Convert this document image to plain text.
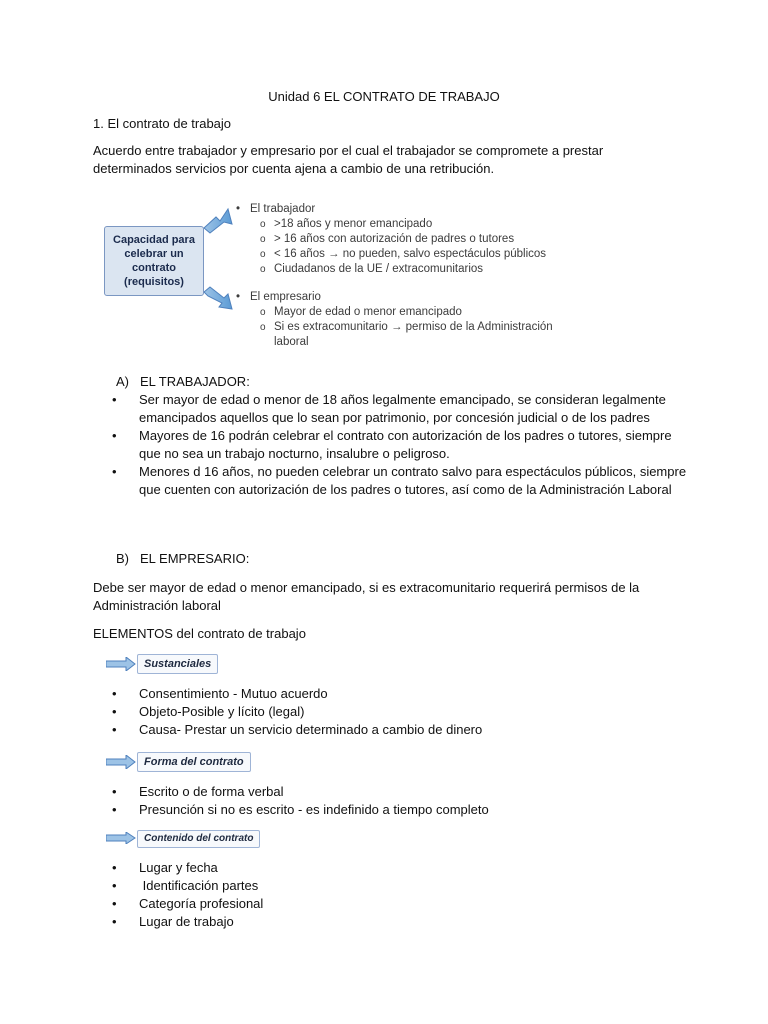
Unidad 6 EL CONTRATO DE TRABAJO
1. El contrato de trabajo
Acuerdo entre trabajador y empresario por el cual el trabajador se compromete a prestar determinados servicios por cuenta ajena a cambio de una retribución.
Capacidad para celebrar un contrato (requisitos)
• El trabajador
o >18 años y menor emancipado
o > 16 años con autorización de padres o tutores
o < 16 años → no pueden, salvo espectáculos públicos
o Ciudadanos de la UE / extracomunitarios
• El empresario
o Mayor de edad o menor emancipado
o Si es extracomunitario → permiso de la Administración laboral
A) EL TRABAJADOR:
• Ser mayor de edad o menor de 18 años legalmente emancipado, se consideran legalmente emancipados aquellos que lo sean por patrimonio, por concesión judicial o de los padres
• Mayores de 16 podrán celebrar el contrato con autorización de los padres o tutores, siempre que no sea un trabajo nocturno, insalubre o peligroso.
• Menores d 16 años, no pueden celebrar un contrato salvo para espectáculos públicos, siempre que cuenten con autorización de los padres o tutores, así como de la Administración Laboral
B) EL EMPRESARIO:
Debe ser mayor de edad o menor emancipado, si es extracomunitario requerirá permisos de la Administración laboral
ELEMENTOS del contrato de trabajo
Sustanciales
• Consentimiento - Mutuo acuerdo
• Objeto-Posible y lícito (legal)
• Causa- Prestar un servicio determinado a cambio de dinero
Forma del contrato
• Escrito o de forma verbal
• Presunción si no es escrito - es indefinido a tiempo completo
Contenido del contrato
• Lugar y fecha
•  Identificación partes
• Categoría profesional
• Lugar de trabajo
